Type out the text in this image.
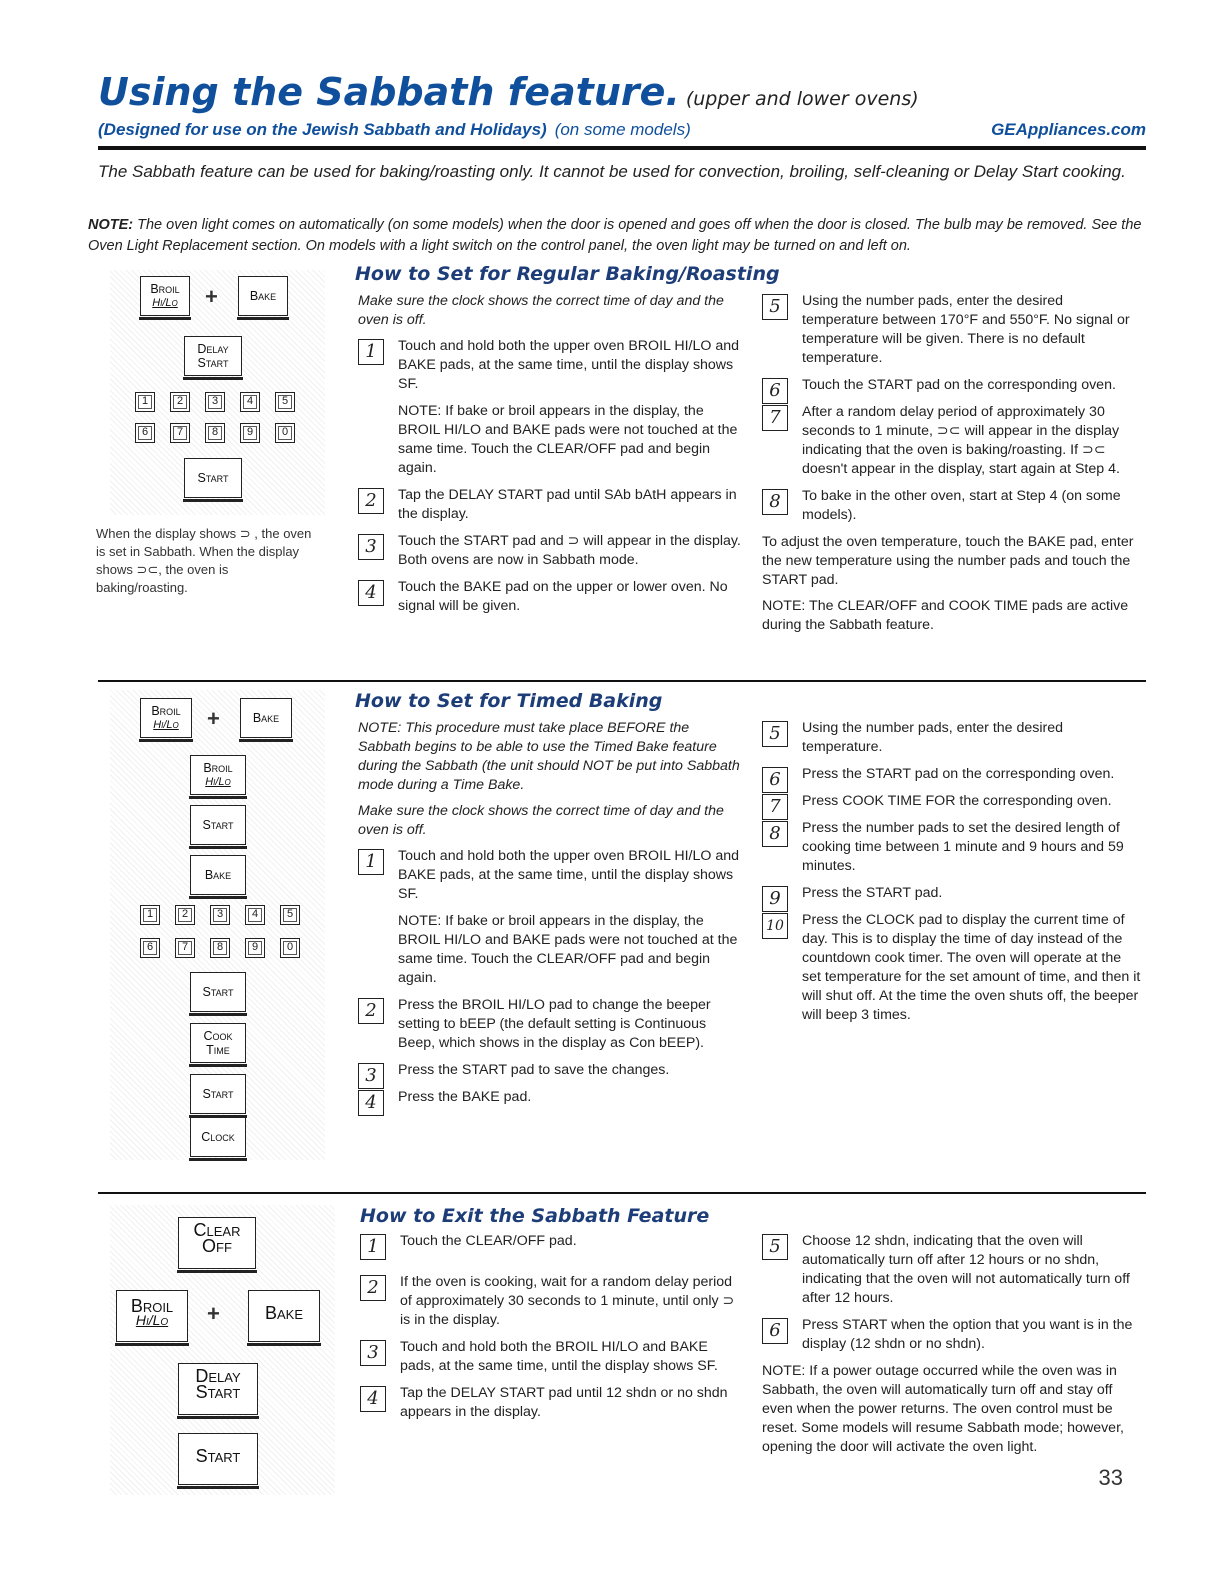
Using the Sabbath feature. (upper and lower ovens)
(Designed for use on the Jewish Sabbath and Holidays) (on some models)	GEAppliances.com
The Sabbath feature can be used for baking/roasting only. It cannot be used for convection, broiling, self-cleaning or Delay Start cooking.
NOTE: The oven light comes on automatically (on some models) when the door is opened and goes off when the door is closed. The bulb may be removed. See the Oven Light Replacement section. On models with a light switch on the control panel, the oven light may be turned on and left on.
Broil
Hi/Lo	+	Bake
Delay
Start
1	2	3	4	5
6	7	8	9	0
Start
When the display shows ⊃ , the oven is set in Sabbath. When the display shows ⊃⊂, the oven is baking/roasting.
How to Set for Regular Baking/Roasting

Make sure the clock shows the correct time of day and the oven is off.

1	Touch and hold both the upper oven BROIL HI/LO and BAKE pads, at the same time, until the display shows SF.
NOTE: If bake or broil appears in the display, the BROIL HI/LO and BAKE pads were not touched at the same time. Touch the CLEAR/OFF pad and begin again.
2	Tap the DELAY START pad until SAb bAtH appears in the display.
3	Touch the START pad and ⊃ will appear in the display. Both ovens are now in Sabbath mode.
4	Touch the BAKE pad on the upper or lower oven. No signal will be given.
5	Using the number pads, enter the desired temperature between 170°F and 550°F. No signal or temperature will be given. There is no default temperature.
6	Touch the START pad on the corresponding oven.
7	After a random delay period of approximately 30 seconds to 1 minute, ⊃⊂ will appear in the display indicating that the oven is baking/roasting. If ⊃⊂ doesn't appear in the display, start again at Step 4.
8	To bake in the other oven, start at Step 4 (on some models).

To adjust the oven temperature, touch the BAKE pad, enter the new temperature using the number pads and touch the START pad.

NOTE: The CLEAR/OFF and COOK TIME pads are active during the Sabbath feature.

Broil
Hi/Lo	+	Bake
Broil
Hi/Lo
Start
Bake
1	2	3	4	5
6	7	8	9	0
Start
Cook
Time
Start
Clock
How to Set for Timed Baking

NOTE: This procedure must take place BEFORE the Sabbath begins to be able to use the Timed Bake feature during the Sabbath (the unit should NOT be put into Sabbath mode during a Time Bake.

Make sure the clock shows the correct time of day and the oven is off.

1	Touch and hold both the upper oven BROIL HI/LO and BAKE pads, at the same time, until the display shows SF.
NOTE: If bake or broil appears in the display, the BROIL HI/LO and BAKE pads were not touched at the same time. Touch the CLEAR/OFF pad and begin again.
2	Press the BROIL HI/LO pad to change the beeper setting to bEEP (the default setting is Continuous Beep, which shows in the display as Con bEEP).
3	Press the START pad to save the changes.
4	Press the BAKE pad.
5	Using the number pads, enter the desired temperature.
6	Press the START pad on the corresponding oven.
7	Press COOK TIME FOR the corresponding oven.
8	Press the number pads to set the desired length of cooking time between 1 minute and 9 hours and 59 minutes.
9	Press the START pad.
10 Press the CLOCK pad to display the current time of day. This is to display the time of day instead of the countdown cook timer. The oven will operate at the set temperature for the set amount of time, and then it will shut off. At the time the oven shuts off, the beeper will beep 3 times.
Clear
Off
Broil
Hi/Lo	+	Bake
Delay
Start
Start
How to Exit the Sabbath Feature
1	Touch the CLEAR/OFF pad.
2	If the oven is cooking, wait for a random delay period of approximately 30 seconds to 1 minute, until only ⊃ is in the display.
3	Touch and hold both the BROIL HI/LO and BAKE pads, at the same time, until the display shows SF.
4	Tap the DELAY START pad until 12 shdn or no shdn appears in the display.
5	Choose 12 shdn, indicating that the oven will automatically turn off after 12 hours or no shdn, indicating that the oven will not automatically turn off after 12 hours.
6	Press START when the option that you want is in the display (12 shdn or no shdn).

NOTE: If a power outage occurred while the oven was in Sabbath, the oven will automatically turn off and stay off even when the power returns. The oven control must be reset. Some models will resume Sabbath mode; however, opening the door will activate the oven light.

33
